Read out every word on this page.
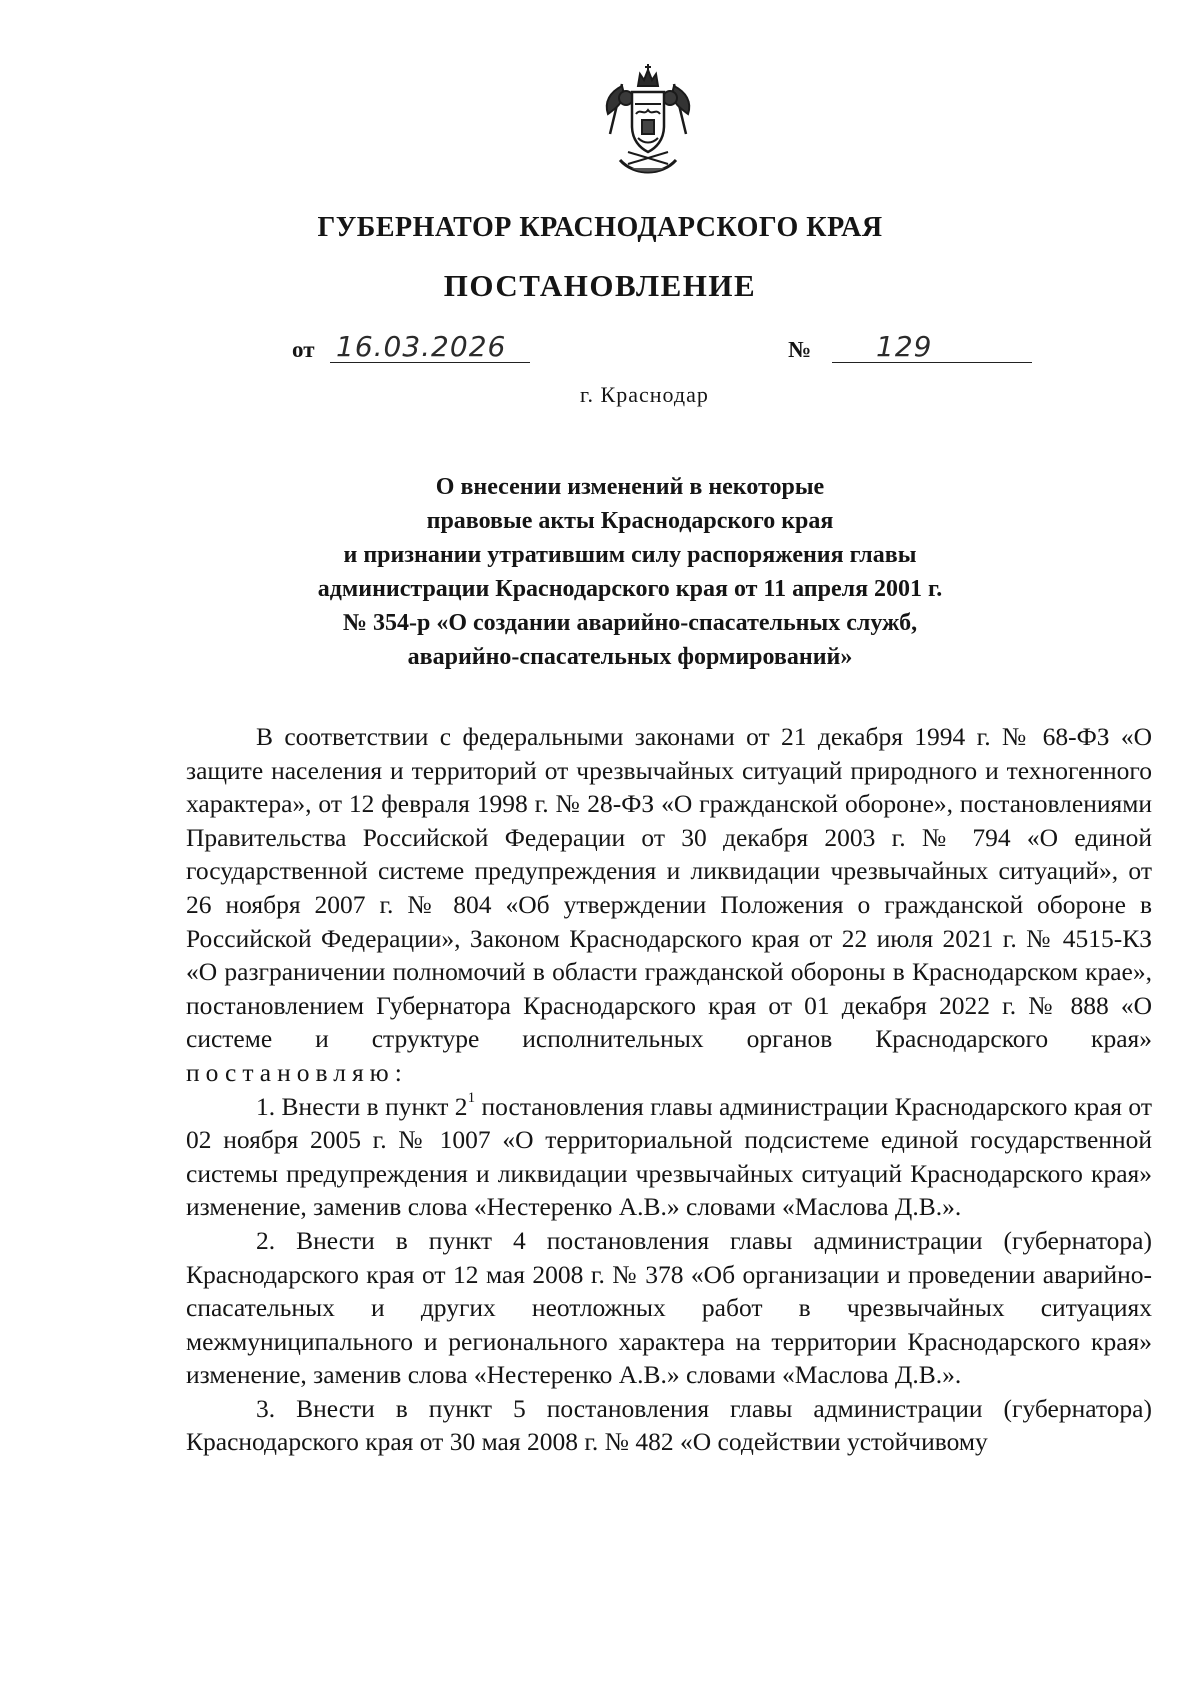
ГУБЕРНАТОР КРАСНОДАРСКОГО КРАЯ
ПОСТАНОВЛЕНИЕ
от 16.03.2026	№	129
г. Краснодар
О внесении изменений в некоторые
правовые акты Краснодарского края
и признании утратившим силу распоряжения главы
администрации Краснодарского края от 11 апреля 2001 г.
№ 354-р «О создании аварийно-спасательных служб,
аварийно-спасательных формирований»

В соответствии с федеральными законами от 21 декабря 1994 г. № 68-ФЗ «О защите населения и территорий от чрезвычайных ситуаций природного и техногенного характера», от 12 февраля 1998 г. № 28-ФЗ «О гражданской обороне», постановлениями Правительства Российской Федерации от 30 декабря 2003 г. № 794 «О единой государственной системе предупреждения и ликвидации чрезвычайных ситуаций», от 26 ноября 2007 г. № 804 «Об утверждении Положения о гражданской обороне в Российской Федерации», Законом Краснодарского края от 22 июля 2021 г. № 4515-КЗ «О разграничении полномочий в области гражданской обороны в Краснодарском крае», постановлением Губернатора Краснодарского края от 01 декабря 2022 г. № 888 «О системе и структуре исполнительных органов Краснодарского края» постановляю:

1. Внести в пункт $2^1$ постановления главы администрации Краснодарского края от 02 ноября 2005 г. № 1007 «О территориальной подсистеме единой государственной системы предупреждения и ликвидации чрезвычайных ситуаций Краснодарского края» изменение, заменив слова «Нестеренко А.В.» словами «Маслова Д.В.».

2. Внести в пункт 4 постановления главы администрации (губернатора) Краснодарского края от 12 мая 2008 г. № 378 «Об организации и проведении аварийно-спасательных и других неотложных работ в чрезвычайных ситуациях межмуниципального и регионального характера на территории Краснодарского края» изменение, заменив слова «Нестеренко А.В.» словами «Маслова Д.В.».

3. Внести в пункт 5 постановления главы администрации (губернатора) Краснодарского края от 30 мая 2008 г. № 482 «О содействии устойчивому
